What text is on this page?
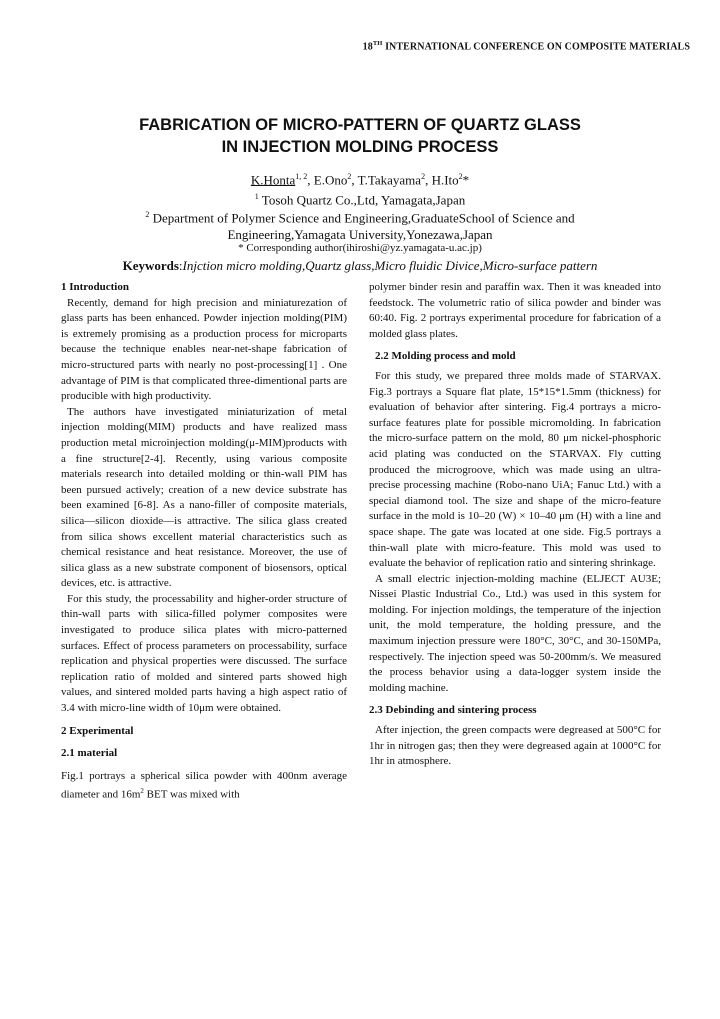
18TH INTERNATIONAL CONFERENCE ON COMPOSITE MATERIALS
FABRICATION OF MICRO-PATTERN OF QUARTZ GLASS
IN INJECTION MOLDING PROCESS
K.Honta$^{1, 2}$, E.Ono$^2$, T.Takayama$^2$, H.Ito$^2$*
$^1$ Tosoh Quartz Co.,Ltd, Yamagata,Japan
$^2$ Department of Polymer Science and Engineering,GraduateSchool of Science and Engineering,Yamagata University,Yonezawa,Japan
* Corresponding author(ihiroshi@yz.yamagata-u.ac.jp)
Keywords:Injction micro molding,Quartz glass,Micro fluidic Divice,Micro-surface pattern

1 Introduction

Recently, demand for high precision and miniaturezation of glass parts has been enhanced. Powder injection molding(PIM) is extremely promising as a production process for microparts because the technique enables near-net-shape fabrication of micro-structured parts with nearly no post-processing[1] . One advantage of PIM is that complicated three-dimentional parts are producible with high productivity.

The authors have investigated miniaturization of metal injection molding(MIM) products and have realized mass production metal microinjection molding(μ-MIM)products with a fine structure[2-4]. Recently, using various composite materials research into detailed molding or thin-wall PIM has been pursued actively; creation of a new device substrate has been examined [6-8]. As a nano-filler of composite materials, silica—silicon dioxide—is attractive. The silica glass created from silica shows excellent material characteristics such as chemical resistance and heat resistance. Moreover, the use of silica glass as a new substrate component of biosensors, optical devices, etc. is attractive.

For this study, the processability and higher-order structure of thin-wall parts with silica-filled polymer composites were investigated to produce silica plates with micro-patterned surfaces. Effect of process parameters on processability, surface replication and physical properties were discussed. The surface replication ratio of molded and sintered parts showed high values, and sintered molded parts having a high aspect ratio of 3.4 with micro-line width of 10μm were obtained.

2 Experimental

2.1 material

Fig.1 portrays a spherical silica powder with 400nm average diameter and $16m^2$ BET was mixed with

polymer binder resin and paraffin wax. Then it was kneaded into feedstock. The volumetric ratio of silica powder and binder was 60:40. Fig. 2 portrays experimental procedure for fabrication of a molded glass plates.

2.2 Molding process and mold

For this study, we prepared three molds made of STARVAX. Fig.3 portrays a Square flat plate, 15*15*1.5mm (thickness) for evaluation of behavior after sintering. Fig.4 portrays a micro-surface features plate for possible micromolding. In fabrication the micro-surface pattern on the mold, 80 μm nickel-phosphoric acid plating was conducted on the STARVAX. Fly cutting produced the microgroove, which was made using an ultra-precise processing machine (Robo-nano UiA; Fanuc Ltd.) with a special diamond tool. The size and shape of the micro-feature surface in the mold is 10–20 (W) × 10–40 μm (H) with a line and space shape. The gate was located at one side. Fig.5 portrays a thin-wall plate with micro-feature. This mold was used to evaluate the behavior of replication ratio and sintering shrinkage.

A small electric injection-molding machine (ELJECT AU3E; Nissei Plastic Industrial Co., Ltd.) was used in this system for molding. For injection moldings, the temperature of the injection unit, the mold temperature, the holding pressure, and the maximum injection pressure were 180°C, 30°C, and 30-150MPa, respectively. The injection speed was 50-200mm/s. We measured the process behavior using a data-logger system inside the molding machine.

2.3 Debinding and sintering process

After injection, the green compacts were degreased at 500°C for 1hr in nitrogen gas; then they were degreased again at 1000°C for 1hr in atmosphere.
